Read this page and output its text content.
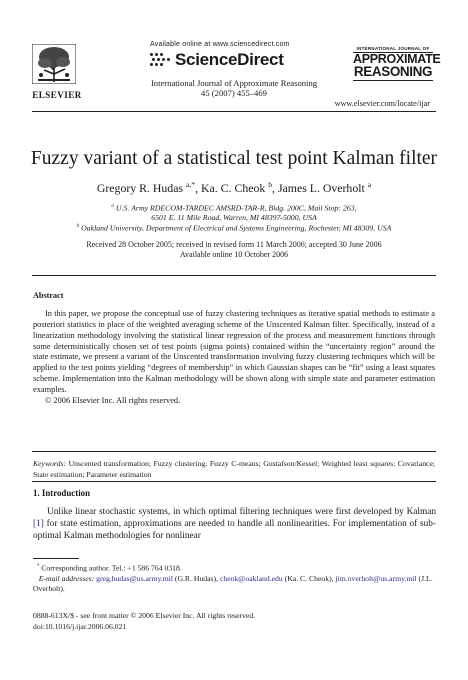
Available online at www.sciencedirect.com
ScienceDirect
International Journal of Approximate Reasoning
45 (2007) 455–469
ELSEVIER
INTERNATIONAL JOURNAL OF
APPROXIMATE
REASONING
www.elsevier.com/locate/ijar
Fuzzy variant of a statistical test point Kalman filter
Gregory R. Hudas $^{a,*}$, Ka. C. Cheok $^b$, James L. Overholt $^a$
$^a$ U.S. Army RDECOM-TARDEC AMSRD-TAR-R, Bldg. 200C, Mail Stop: 263,
6501 E. 11 Mile Road, Warren, MI 48397-5000, USA
$^b$ Oakland University, Department of Electrical and Systems Engineering, Rochester, MI 48309, USA
Received 28 October 2005; received in revised form 11 March 2006; accepted 30 June 2006
Available online 10 October 2006
Abstract

In this paper, we propose the conceptual use of fuzzy clustering techniques as iterative spatial methods to estimate a posteriori statistics in place of the weighted averaging scheme of the Unscented Kalman filter. Specifically, instead of a linearization methodology involving the statistical linear regression of the process and measurement functions through some deterministically chosen set of test points (sigma points) contained within the “uncertainty region” around the state estimate, we present a variant of the Unscented transformation involving fuzzy clustering techniques which will be applied to the test points yielding “degrees of membership” in which Gaussian shapes can be “fit” using a least squares scheme. Implementation into the Kalman methodology will be shown along with simple state and parameter estimation examples.

© 2006 Elsevier Inc. All rights reserved.

Keywords: Unscented transformation; Fuzzy clustering; Fuzzy C-means; Gustafson/Kessel; Weighted least squares; Covariance; State estimation; Parameter estimation
1. Introduction

Unlike linear stochastic systems, in which optimal filtering techniques were first developed by Kalman [1] for state estimation, approximations are needed to handle all nonlinearities. For implementation of sub-optimal Kalman methodologies for nonlinear

* Corresponding author. Tel.: +1 586 764 0318.
E-mail addresses: greg.hudas@us.army.mil (G.R. Hudas), cheok@oakland.edu (Ka. C. Cheok), jim.overholt@us.army.mil (J.L. Overholt).
0888-613X/$ - see front matter © 2006 Elsevier Inc. All rights reserved.
doi:10.1016/j.ijar.2006.06.021
